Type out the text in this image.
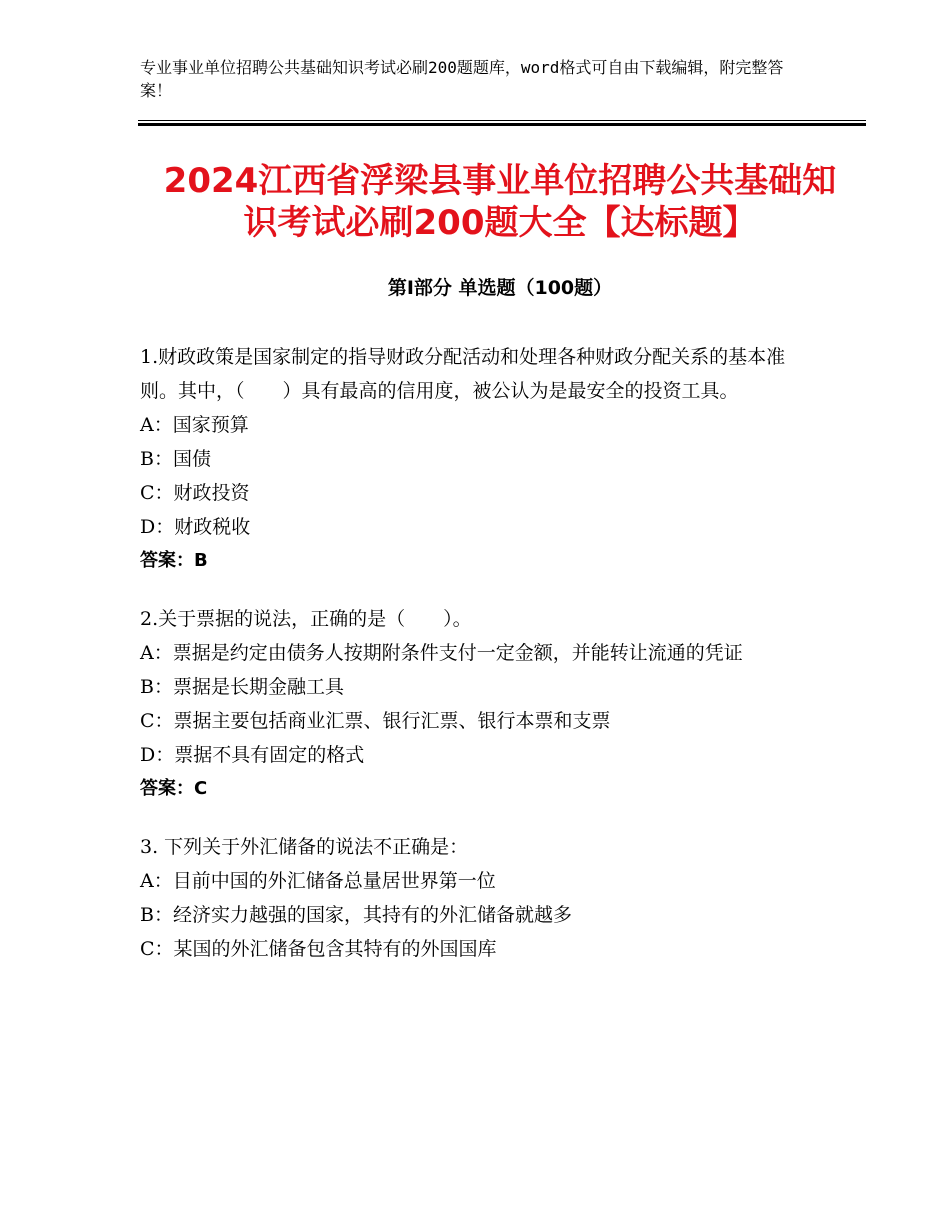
专业事业单位招聘公共基础知识考试必刷200题题库，word格式可自由下载编辑，附完整答案！
2024江西省浮梁县事业单位招聘公共基础知
识考试必刷200题大全【达标题】
第Ⅰ部分 单选题（100题）
1.财政政策是国家制定的指导财政分配活动和处理各种财政分配关系的基本准则。其中，（　　）具有最高的信用度，被公认为是最安全的投资工具。
A：国家预算
B：国债
C：财政投资
D：财政税收
答案：B
2.关于票据的说法，正确的是（　　）。
A：票据是约定由债务人按期附条件支付一定金额，并能转让流通的凭证
B：票据是长期金融工具
C：票据主要包括商业汇票、银行汇票、银行本票和支票
D：票据不具有固定的格式
答案：C
3. 下列关于外汇储备的说法不正确是：
A：目前中国的外汇储备总量居世界第一位
B：经济实力越强的国家，其持有的外汇储备就越多
C：某国的外汇储备包含其特有的外国国库
